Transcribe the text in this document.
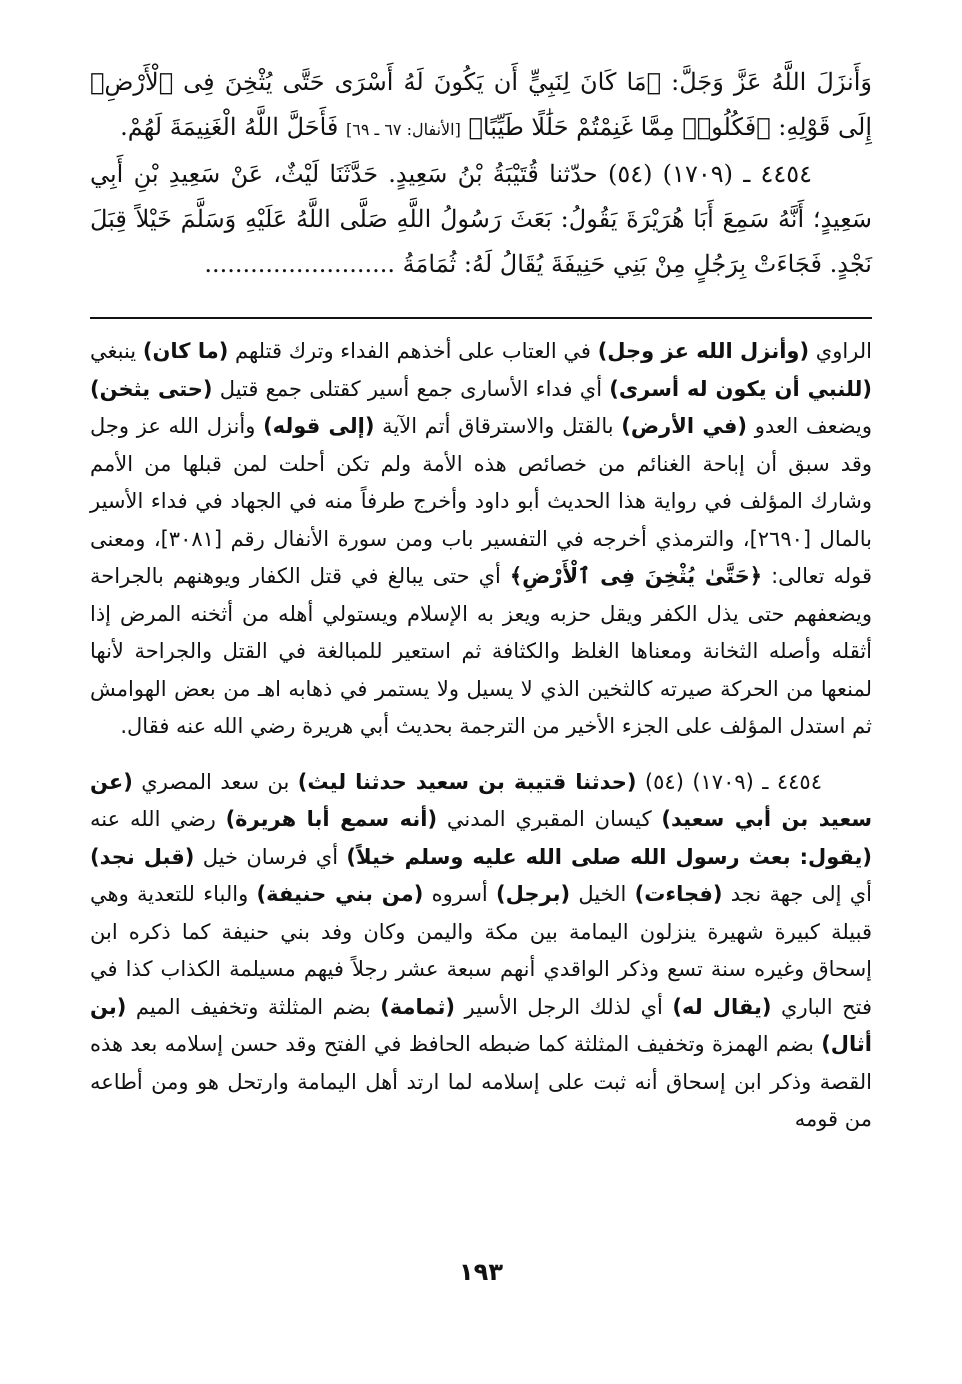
وَأَنزَلَ اللَّهُ عَزَّ وَجَلَّ: ﴿مَا كَانَ لِنَبِيٍّ أَن يَكُونَ لَهُ أَسْرَى حَتَّى يُثْخِنَ فِى ٱلْأَرْضِ﴾ إِلَى قَوْلِهِ: ﴿فَكُلُوا۟ مِمَّا غَنِمْتُمْ حَلَٰلًا طَيِّبًا﴾ [الأنفال: ٦٧ ـ ٦٩] فَأَحَلَّ اللَّهُ الْغَنِيمَةَ لَهُمْ.

٤٤٥٤ ـ (١٧٠٩) (٥٤) حدّثنا قُتَيْبَةُ بْنُ سَعِيدٍ. حَدَّثَنَا لَيْثٌ، عَنْ سَعِيدِ بْنِ أَبِي سَعِيدٍ؛ أَنَّهُ سَمِعَ أَبَا هُرَيْرَةَ يَقُولُ: بَعَثَ رَسُولُ اللَّهِ صَلَّى اللَّهُ عَلَيْهِ وَسَلَّمَ خَيْلاً قِبَلَ نَجْدٍ. فَجَاءَتْ بِرَجُلٍ مِنْ بَنِي حَنِيفَةَ يُقَالُ لَهُ: ثُمَامَةُ .........................

الراوي (وأنزل الله عز وجل) في العتاب على أخذهم الفداء وترك قتلهم (ما كان) ينبغي (للنبي أن يكون له أسرى) أي فداء الأسارى جمع أسير كقتلى جمع قتيل (حتى يثخن) ويضعف العدو (في الأرض) بالقتل والاسترقاق أتم الآية (إلى قوله) وأنزل الله عز وجل وقد سبق أن إباحة الغنائم من خصائص هذه الأمة ولم تكن أحلت لمن قبلها من الأمم وشارك المؤلف في رواية هذا الحديث أبو داود وأخرج طرفاً منه في الجهاد في فداء الأسير بالمال [٢٦٩٠]، والترمذي أخرجه في التفسير باب ومن سورة الأنفال رقم [٣٠٨١]، ومعنى قوله تعالى: ﴿حَتَّىٰ يُثْخِنَ فِى ٱلْأَرْضِ﴾ أي حتى يبالغ في قتل الكفار ويوهنهم بالجراحة ويضعفهم حتى يذل الكفر ويقل حزبه ويعز به الإسلام ويستولي أهله من أثخنه المرض إذا أثقله وأصله الثخانة ومعناها الغلظ والكثافة ثم استعير للمبالغة في القتل والجراحة لأنها لمنعها من الحركة صيرته كالثخين الذي لا يسيل ولا يستمر في ذهابه اهـ من بعض الهوامش ثم استدل المؤلف على الجزء الأخير من الترجمة بحديث أبي هريرة رضي الله عنه فقال.

٤٤٥٤ ـ (١٧٠٩) (٥٤) (حدثنا قتيبة بن سعيد حدثنا ليث) بن سعد المصري (عن سعيد بن أبي سعيد) كيسان المقبري المدني (أنه سمع أبا هريرة) رضي الله عنه (يقول: بعث رسول الله صلى الله عليه وسلم خيلاً) أي فرسان خيل (قبل نجد) أي إلى جهة نجد (فجاءت) الخيل (برجل) أسروه (من بني حنيفة) والباء للتعدية وهي قبيلة كبيرة شهيرة ينزلون اليمامة بين مكة واليمن وكان وفد بني حنيفة كما ذكره ابن إسحاق وغيره سنة تسع وذكر الواقدي أنهم سبعة عشر رجلاً فيهم مسيلمة الكذاب كذا في فتح الباري (يقال له) أي لذلك الرجل الأسير (ثمامة) بضم المثلثة وتخفيف الميم (بن أثال) بضم الهمزة وتخفيف المثلثة كما ضبطه الحافظ في الفتح وقد حسن إسلامه بعد هذه القصة وذكر ابن إسحاق أنه ثبت على إسلامه لما ارتد أهل اليمامة وارتحل هو ومن أطاعه من قومه

١٩٣
